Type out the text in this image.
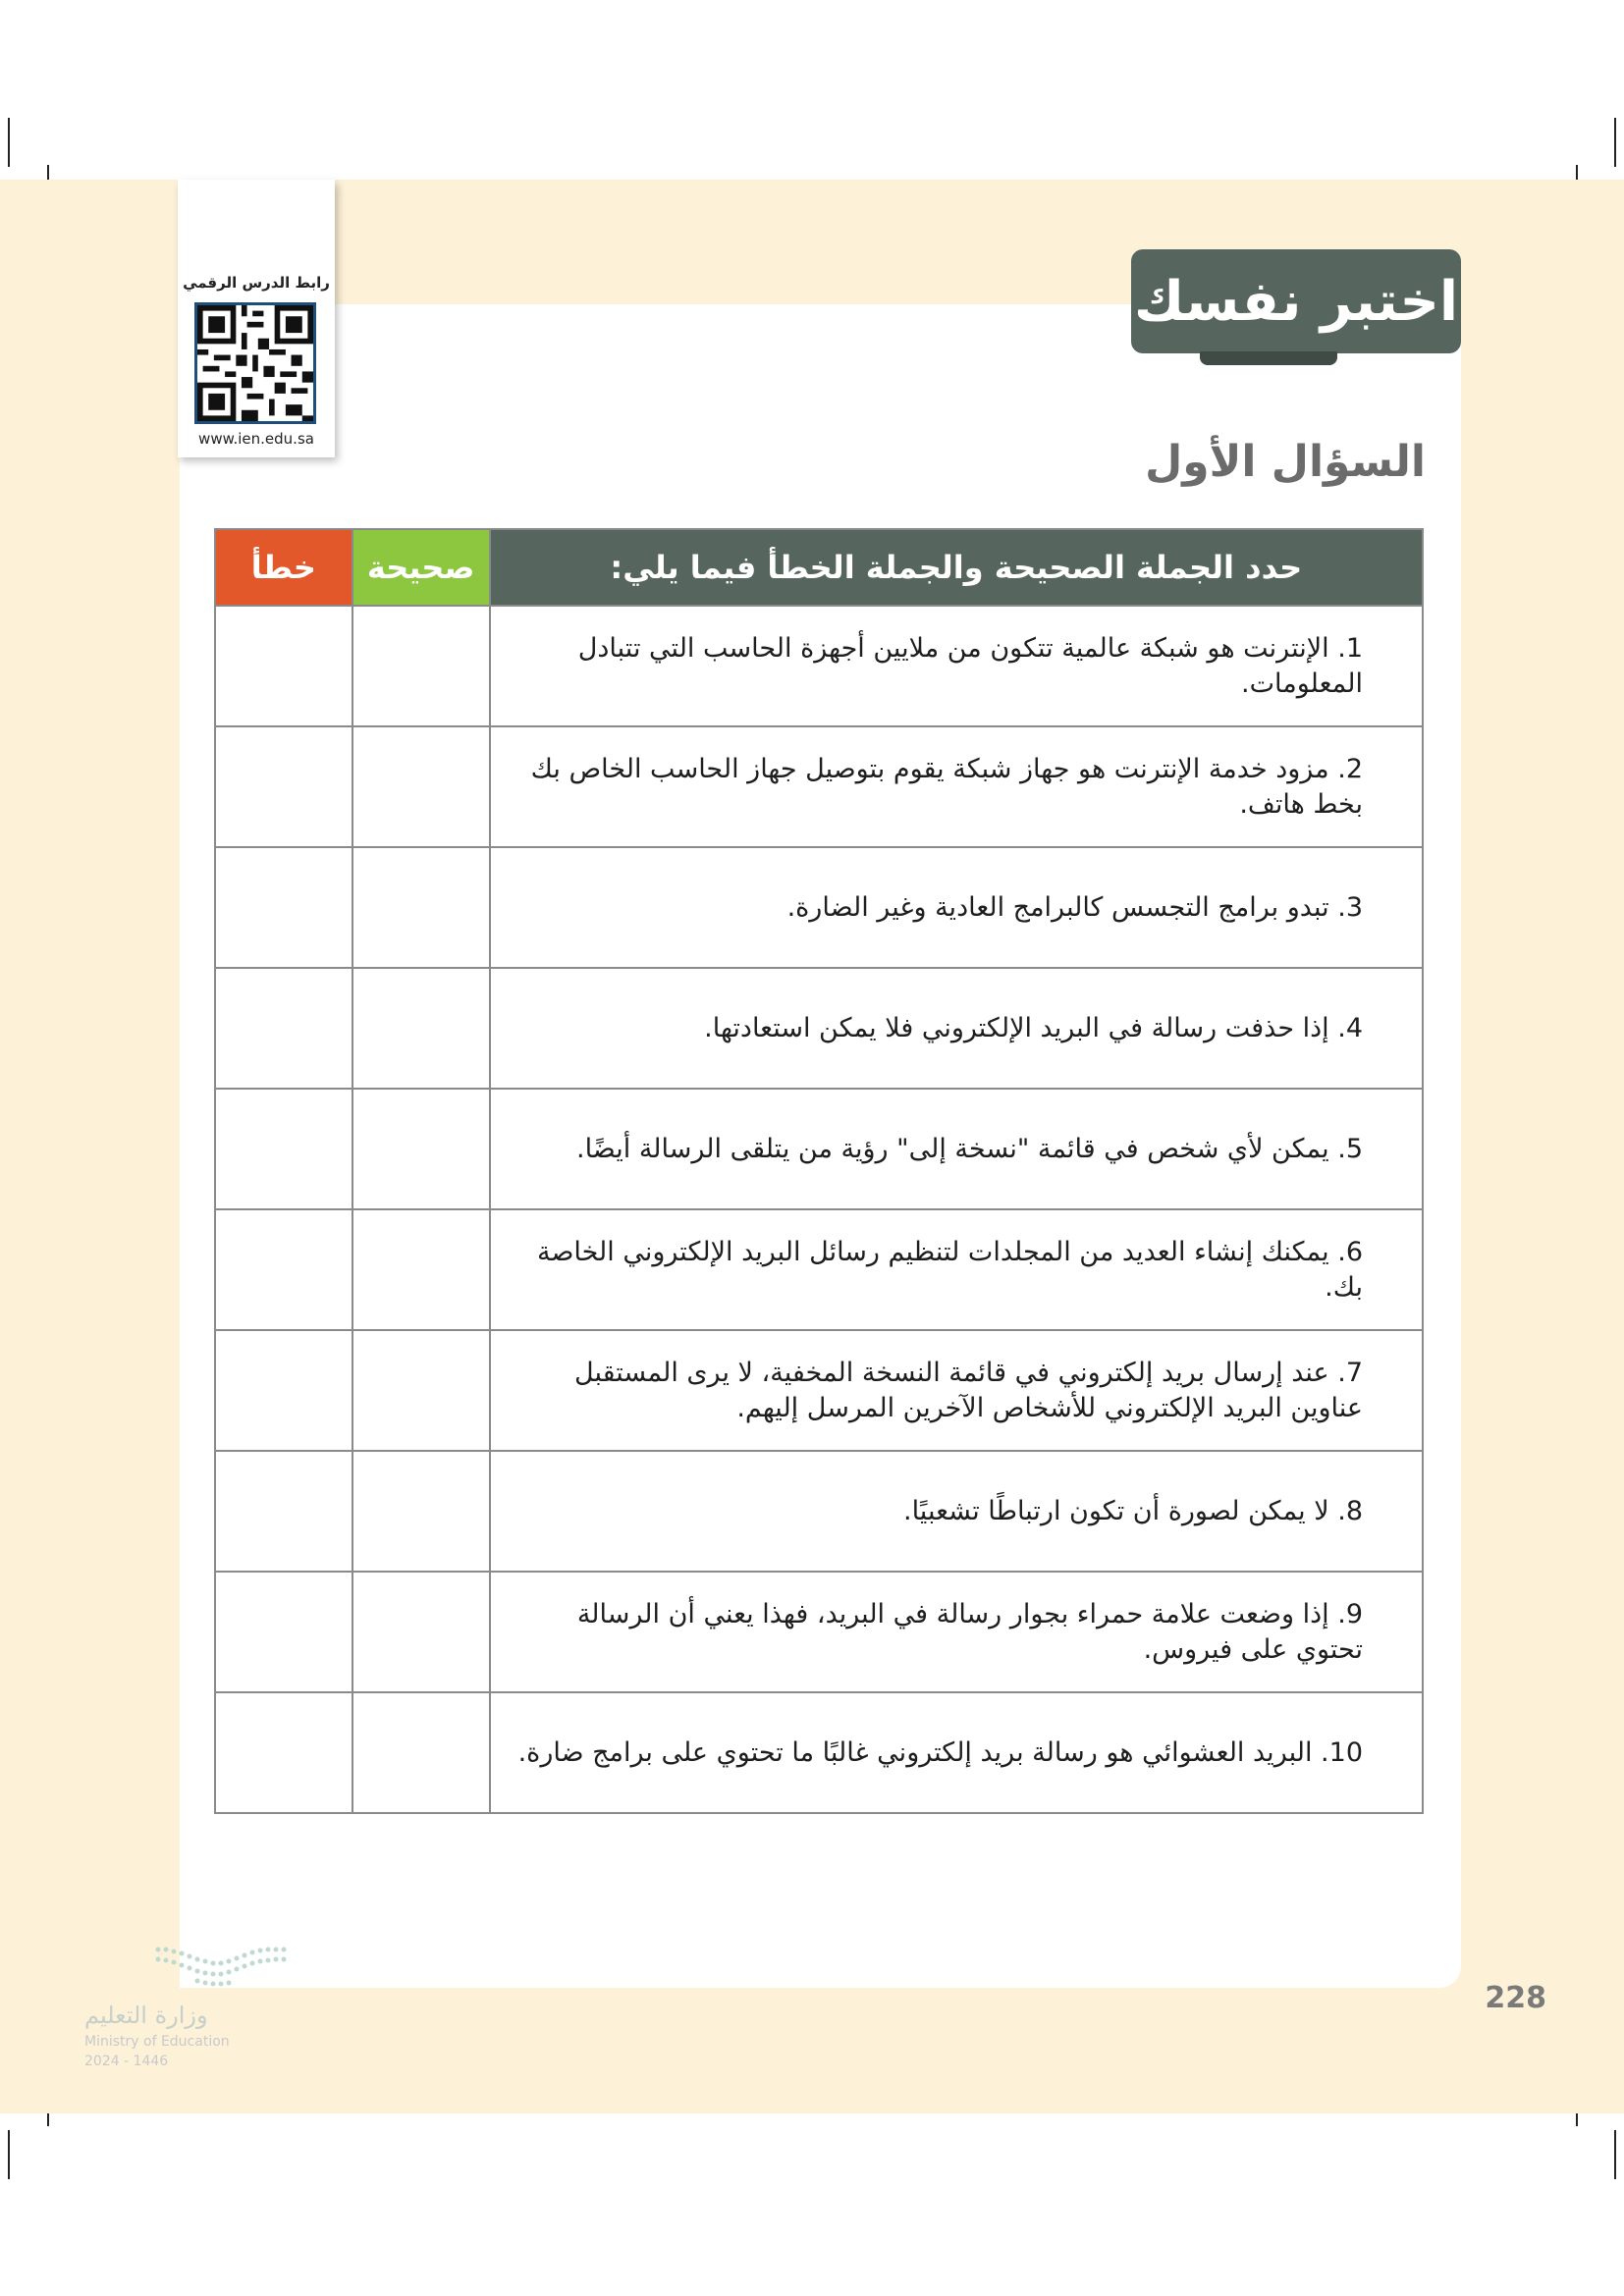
رابط الدرس الرقمي
www.ien.edu.sa
اختبر نفسك
السؤال الأول
حدد الجملة الصحيحة والجملة الخطأ فيما يلي:	صحيحة	خطأ
1. الإنترنت هو شبكة عالمية تتكون من ملايين أجهزة الحاسب التي تتبادل المعلومات.		
2. مزود خدمة الإنترنت هو جهاز شبكة يقوم بتوصيل جهاز الحاسب الخاص بك بخط هاتف.		
3. تبدو برامج التجسس كالبرامج العادية وغير الضارة.		
4. إذا حذفت رسالة في البريد الإلكتروني فلا يمكن استعادتها.		
5. يمكن لأي شخص في قائمة "نسخة إلى" رؤية من يتلقى الرسالة أيضًا.		
6. يمكنك إنشاء العديد من المجلدات لتنظيم رسائل البريد الإلكتروني الخاصة بك.		
7. عند إرسال بريد إلكتروني في قائمة النسخة المخفية، لا يرى المستقبل عناوين البريد الإلكتروني للأشخاص الآخرين المرسل إليهم.		
8. لا يمكن لصورة أن تكون ارتباطًا تشعبيًا.		
9. إذا وضعت علامة حمراء بجوار رسالة في البريد، فهذا يعني أن الرسالة تحتوي على فيروس.		
10. البريد العشوائي هو رسالة بريد إلكتروني غالبًا ما تحتوي على برامج ضارة.		
وزارة التعليم
Ministry of Education
2024 - 1446
228
